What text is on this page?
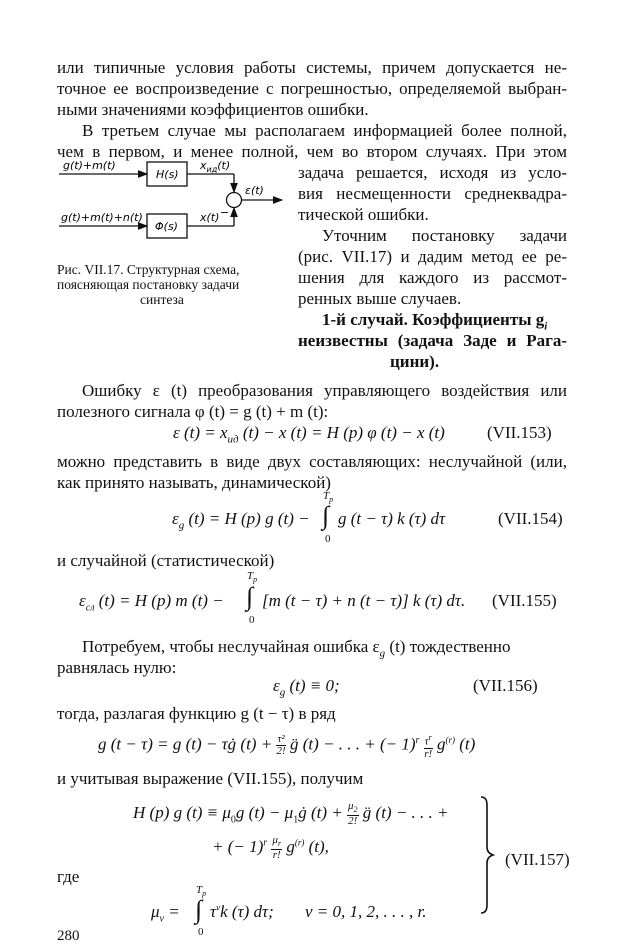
или типичные условия работы системы, причем допускается не-
точное ее воспроизведение с погрешностью, определяемой выбран-
ными значениями коэффициентов ошибки.
В третьем случае мы располагаем информацией более полной,
чем в первом, и менее полной, чем во втором случаях. При этом
g(t)+m(t)
g(t)+m(t)+n(t)
H(s)
Φ(s)
$x_{ид}(t)$
x(t)
ε(t)
−
Рис. VII.17. Структурная схема,
поясняющая постановку задачи
синтеза
задача решается, исходя из усло-
вия несмещенности среднеквадра-
тической ошибки.
Уточним постановку задачи
(рис. VII.17) и дадим метод ее ре-
шения для каждого из рассмот-
ренных выше случаев.
1-й случай. Коэффициенты $g_i$
неизвестны (задача Заде и Рага-
цини).
Ошибку ε (t) преобразования управляющего воздействия или
полезного сигнала φ (t) = g (t) + m (t):
ε $(t) = x_{ид}$ (t) − x (t) = H (p) φ (t) − x (t) (VII.153)
можно представить в виде двух составляющих: неслучайной (или,
как принято называть, динамической)
$\varepsilon_g$ (t) = H (p) g (t) −
$T_p$
∫
0
g (t − τ) k (τ) dτ	(VII.154)
и случайной (статистической)
$\varepsilon_{сл}$ (t) = H (p) m (t) −
$T_p$
∫
0
[m (t − τ) + n (t − τ)] k (τ) dτ. (VII.155)
Потребуем, чтобы неслучайная ошибка $\varepsilon_g$ (t) тождественно
равнялась нулю:
$\varepsilon_g$ (t) ≡ 0;	(VII.156)
тогда, разлагая функцию g (t − τ) в ряд
g (t − τ) = g (t) − τġ $(t) + \frac{\text{τ²}}{2!}$ g̈ (t) − . . . + (− $1)^r \frac{\tau^r}{r!} g^{(r)}$ (t)
и учитывая выражение (VII.155), получим
H (p) g $(t) \equiv \mu_0g$ $(t) - \mu_1ġ$ $(t) + \frac{\mu_2}{2!}$ g̈ (t) − . . . +
+ (− $1)^r \frac{\mu_r}{r!} g^{(r)}$ (t),
где
(VII.157)
$T_p$
∫
$\mu_\nu = \tau^\nu k$ (τ) dτ; ν = 0, 1, 2, . . . , r.
0
280
